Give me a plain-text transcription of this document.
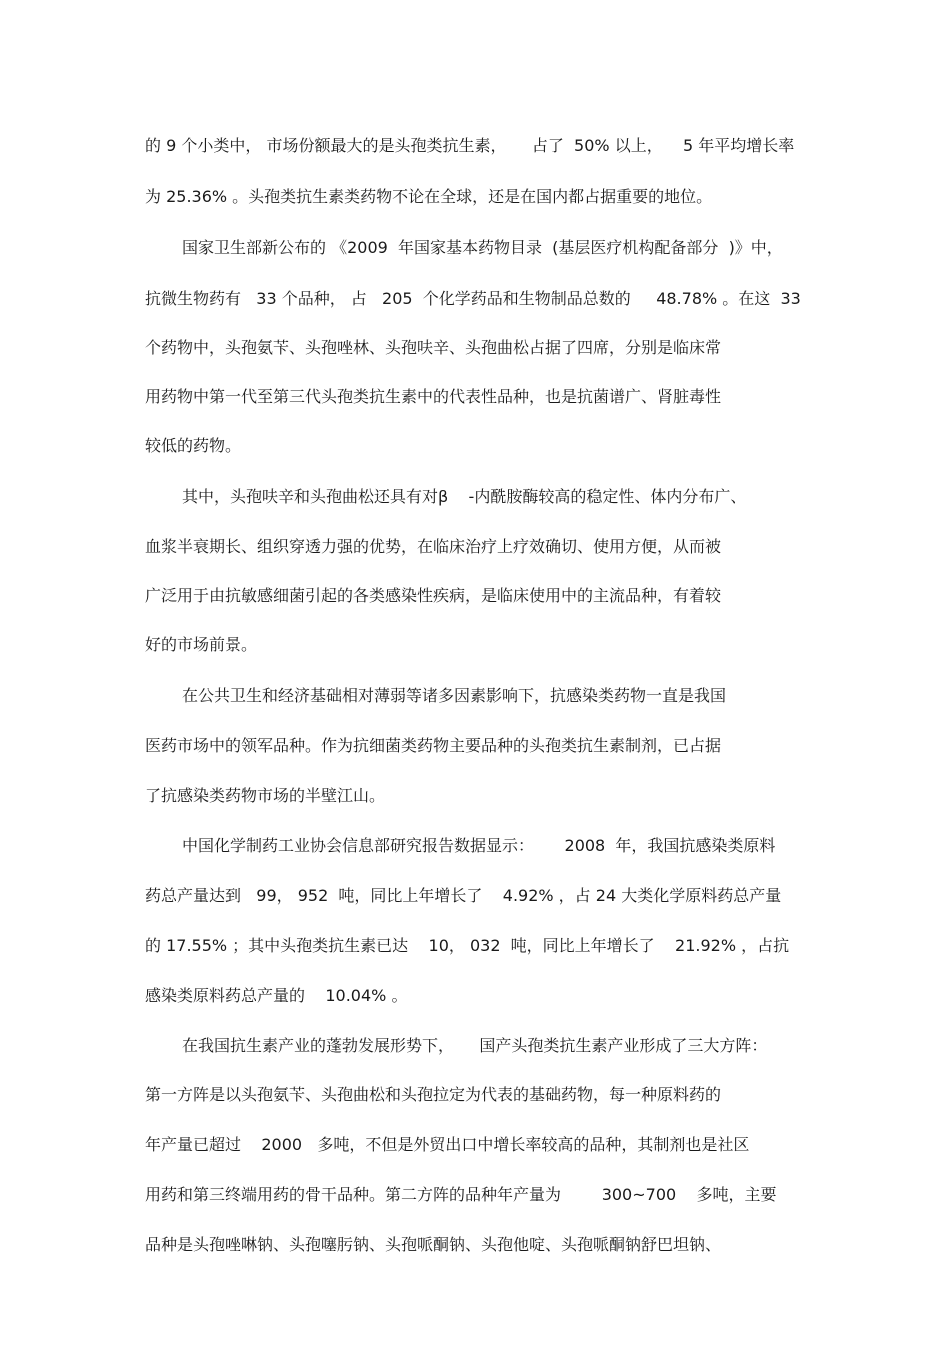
的 9 个小类中， 市场份额最大的是头孢类抗生素，     占了  50% 以上，    5 年平均增长率
为 25.36% 。头孢类抗生素类药物不论在全球，还是在国内都占据重要的地位。
国家卫生部新公布的 《2009  年国家基本药物目录  (基层医疗机构配备部分  )》中，
抗微生物药有   33 个品种， 占   205  个化学药品和生物制品总数的     48.78% 。在这  33
个药物中，头孢氨苄、头孢唑林、头孢呋辛、头孢曲松占据了四席，分别是临床常
用药物中第一代至第三代头孢类抗生素中的代表性品种，也是抗菌谱广、肾脏毒性
较低的药物。
其中，头孢呋辛和头孢曲松还具有对β    -内酰胺酶较高的稳定性、体内分布广、
血浆半衰期长、组织穿透力强的优势，在临床治疗上疗效确切、使用方便，从而被
广泛用于由抗敏感细菌引起的各类感染性疾病，是临床使用中的主流品种，有着较
好的市场前景。
在公共卫生和经济基础相对薄弱等诸多因素影响下，抗感染类药物一直是我国
医药市场中的领军品种。作为抗细菌类药物主要品种的头孢类抗生素制剂，已占据
了抗感染类药物市场的半壁江山。
中国化学制药工业协会信息部研究报告数据显示：      2008  年，我国抗感染类原料
药总产量达到   99， 952  吨，同比上年增长了    4.92% ，占 24 大类化学原料药总产量
的 17.55% ；其中头孢类抗生素已达    10， 032  吨，同比上年增长了    21.92% ，占抗
感染类原料药总产量的    10.04% 。
在我国抗生素产业的蓬勃发展形势下，     国产头孢类抗生素产业形成了三大方阵：
第一方阵是以头孢氨苄、头孢曲松和头孢拉定为代表的基础药物，每一种原料药的
年产量已超过    2000   多吨，不但是外贸出口中增长率较高的品种，其制剂也是社区
用药和第三终端用药的骨干品种。第二方阵的品种年产量为        300~700    多吨，主要
品种是头孢唑啉钠、头孢噻肟钠、头孢哌酮钠、头孢他啶、头孢哌酮钠舒巴坦钠、
